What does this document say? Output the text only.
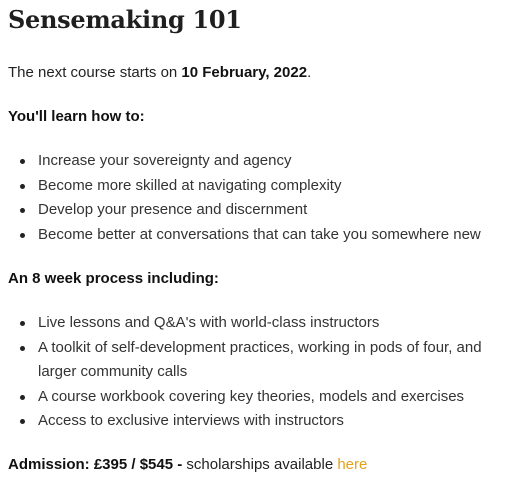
Sensemaking 101

The next course starts on 10 February, 2022.

You'll learn how to:

Increase your sovereignty and agency
Become more skilled at navigating complexity
Develop your presence and discernment
Become better at conversations that can take you somewhere new

An 8 week process including:

Live lessons and Q&A's with world-class instructors
A toolkit of self-development practices, working in pods of four, and larger community calls
A course workbook covering key theories, models and exercises
Access to exclusive interviews with instructors

Admission: £395 / $545 - scholarships available here
